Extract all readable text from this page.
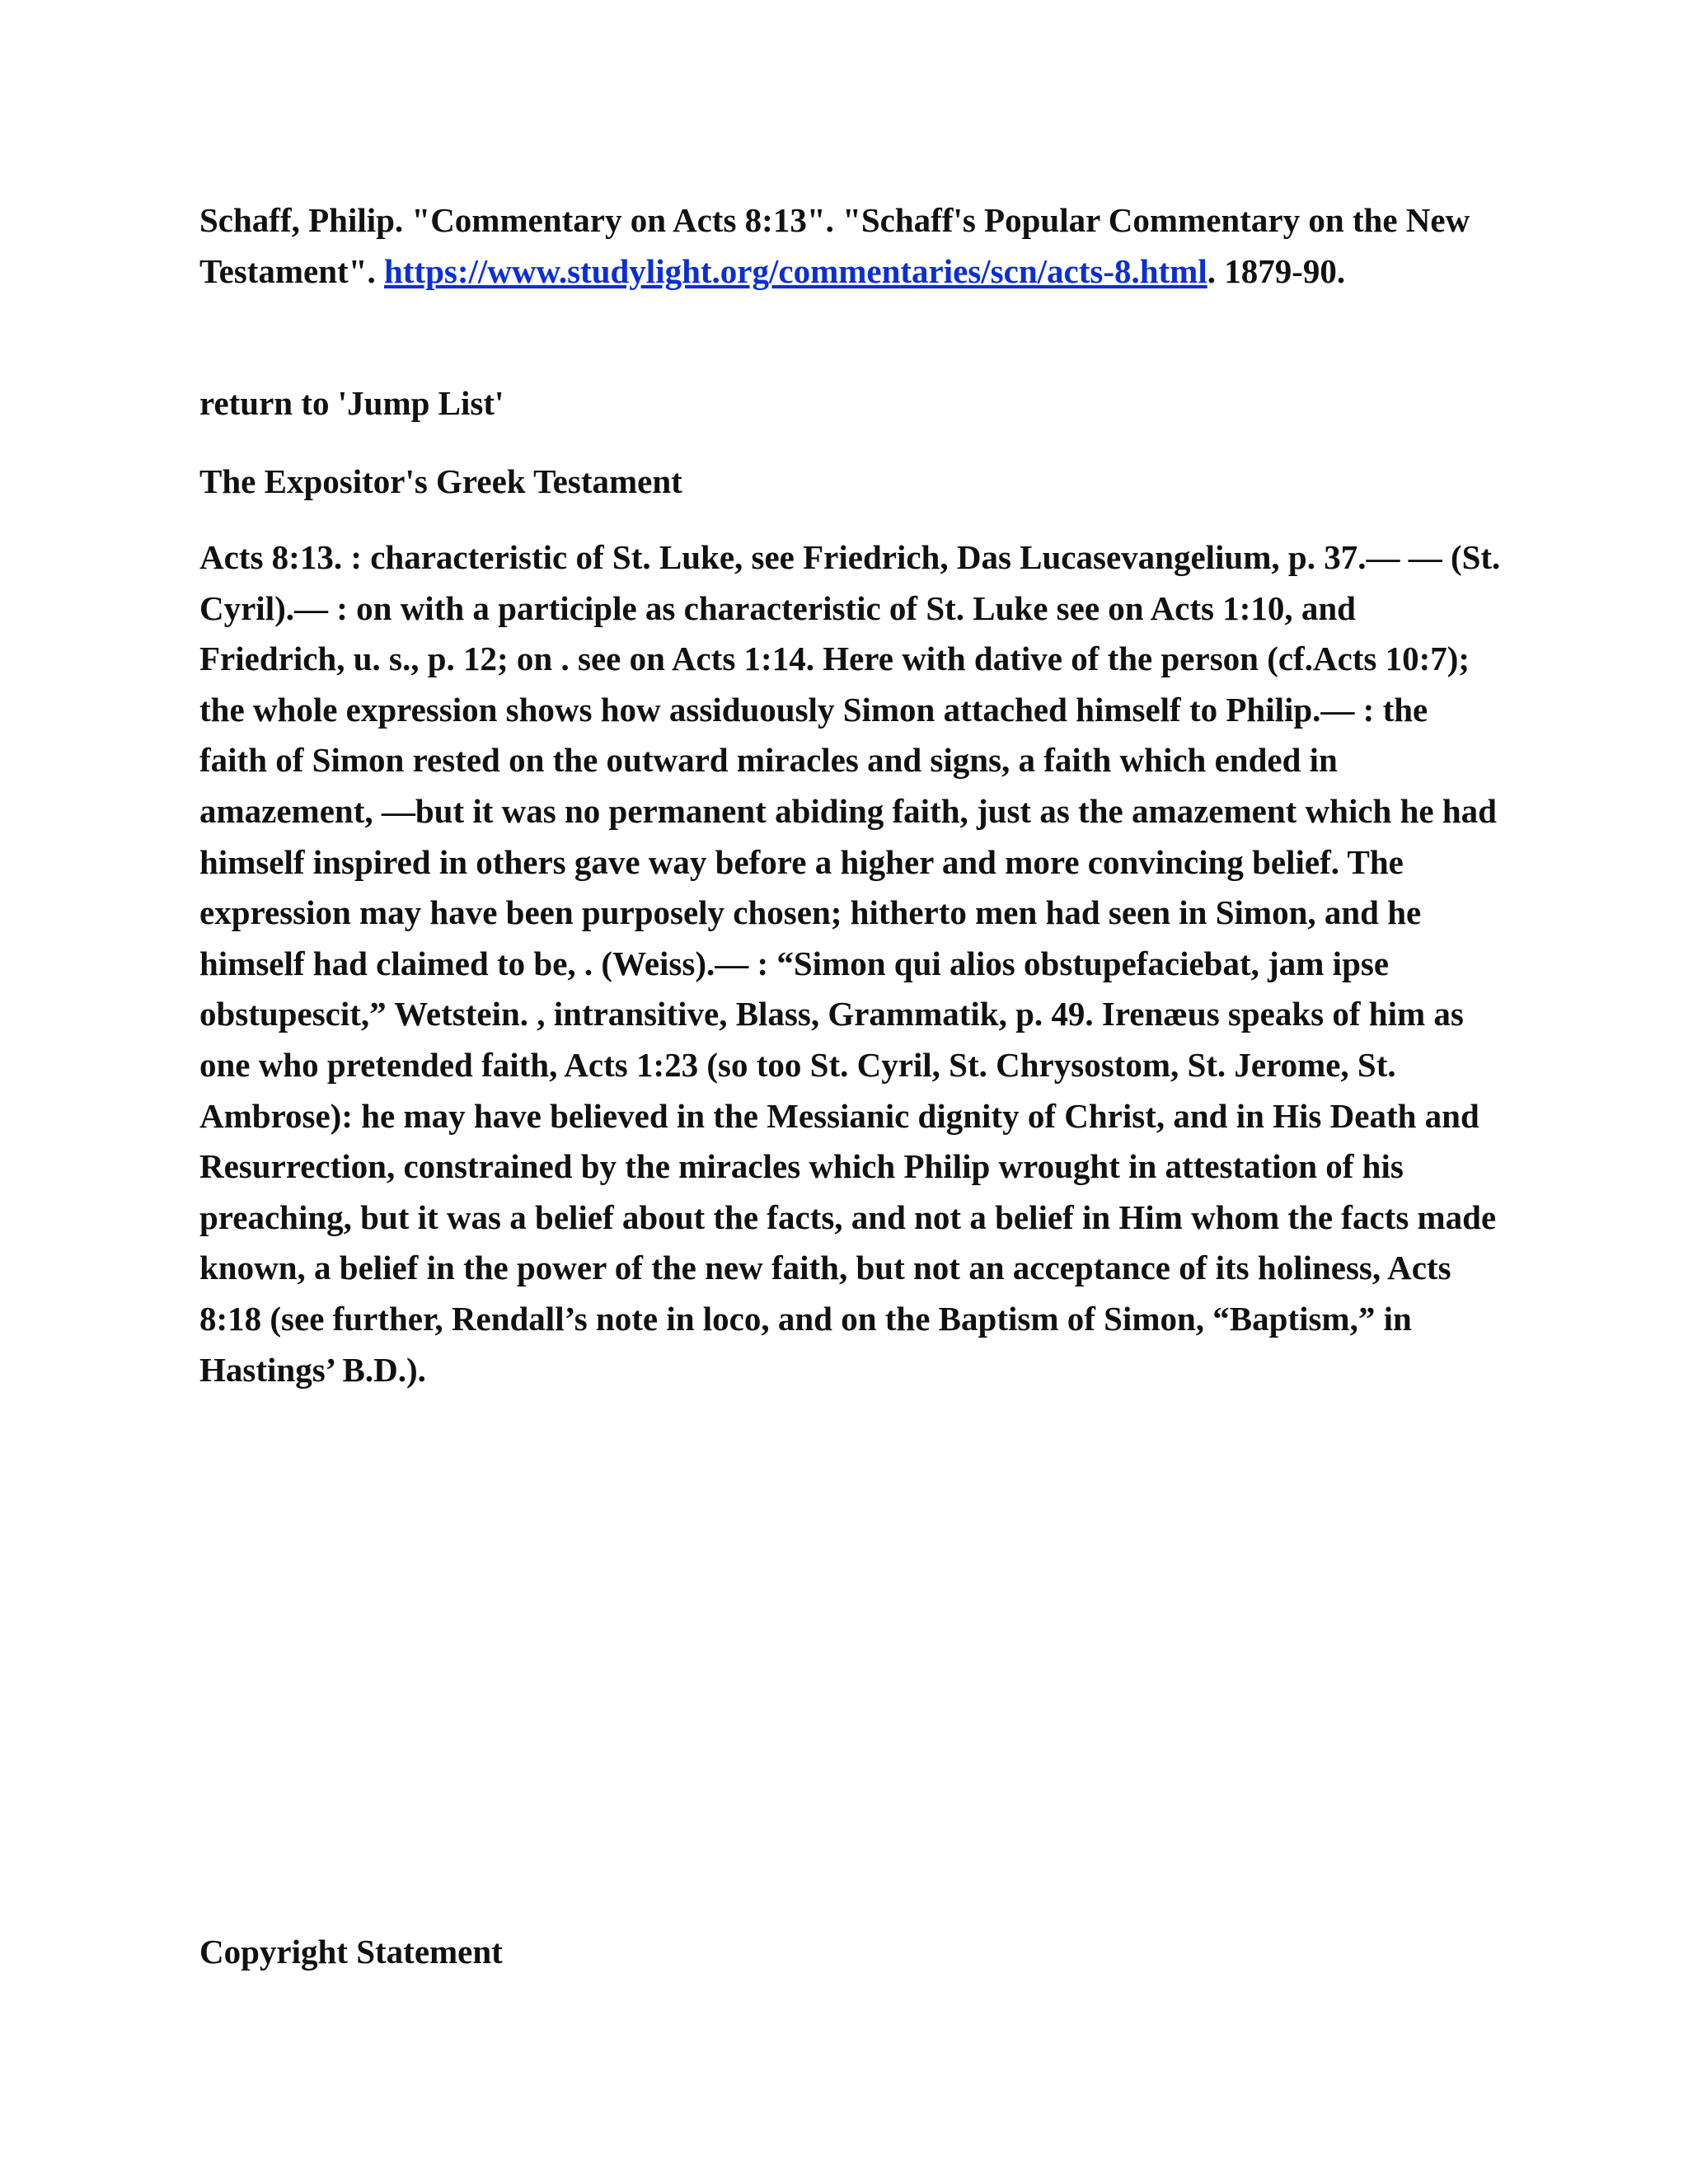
Schaff, Philip. "Commentary on Acts 8:13". "Schaff's Popular Commentary on the New Testament". https://www.studylight.org/commentaries/scn/acts-8.html. 1879-90.

return to 'Jump List'

The Expositor's Greek Testament

Acts 8:13. : characteristic of St. Luke, see Friedrich, Das Lucasevangelium, p. 37.— — (St. Cyril).— : on with a participle as characteristic of St. Luke see on Acts 1:10, and Friedrich, u. s., p. 12; on . see on Acts 1:14. Here with dative of the person (cf.Acts 10:7); the whole expression shows how assiduously Simon attached himself to Philip.— : the faith of Simon rested on the outward miracles and signs, a faith which ended in amazement, —but it was no permanent abiding faith, just as the amazement which he had himself inspired in others gave way before a higher and more convincing belief. The expression may have been purposely chosen; hitherto men had seen in Simon, and he himself had claimed to be, . (Weiss).— : “Simon qui alios obstupefaciebat, jam ipse obstupescit,” Wetstein. , intransitive, Blass, Grammatik, p. 49. Irenæus speaks of him as one who pretended faith, Acts 1:23 (so too St. Cyril, St. Chrysostom, St. Jerome, St. Ambrose): he may have believed in the Messianic dignity of Christ, and in His Death and Resurrection, constrained by the miracles which Philip wrought in attestation of his preaching, but it was a belief about the facts, and not a belief in Him whom the facts made known, a belief in the power of the new faith, but not an acceptance of its holiness, Acts 8:18 (see further, Rendall’s note in loco, and on the Baptism of Simon, “Baptism,” in Hastings’ B.D.).

Copyright Statement
